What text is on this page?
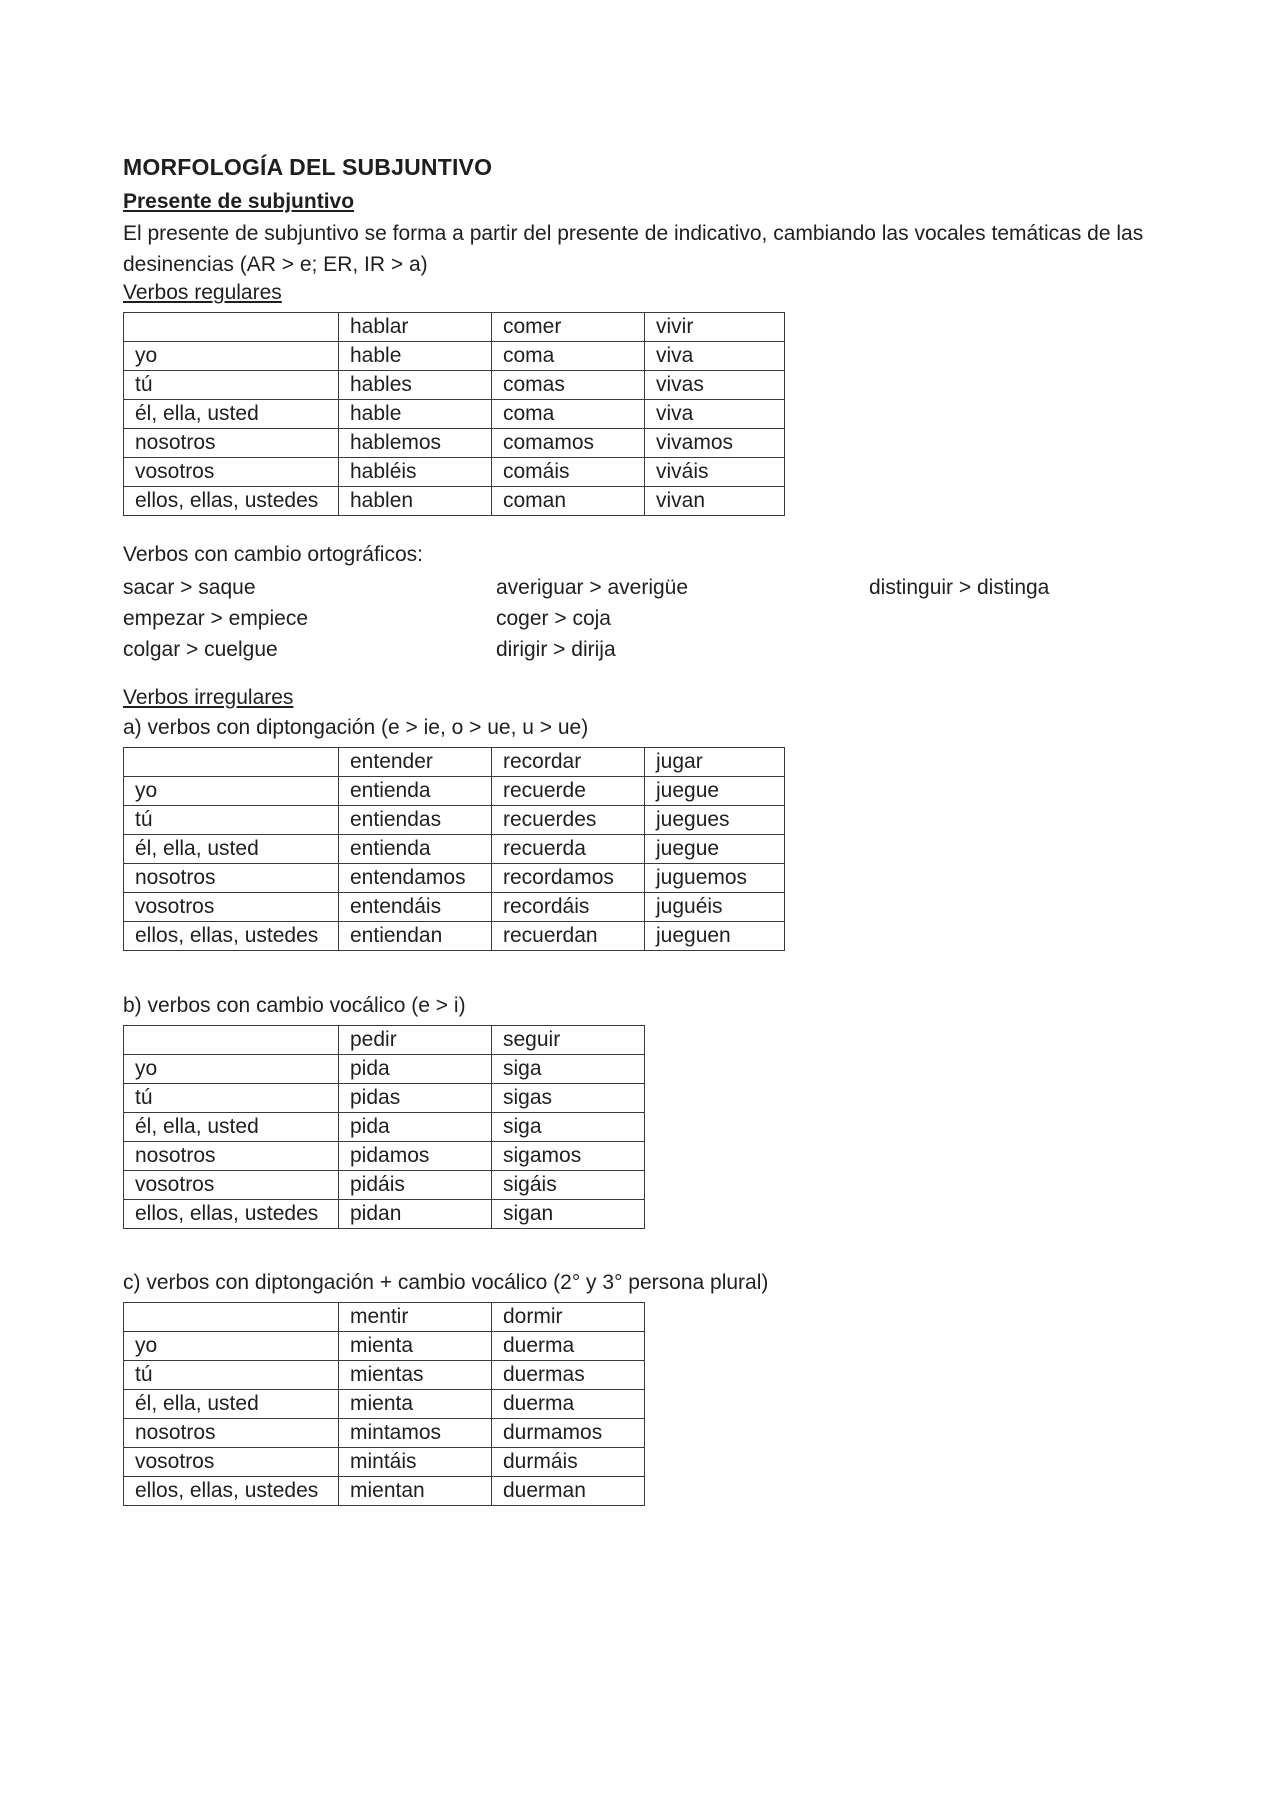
MORFOLOGÍA DEL SUBJUNTIVO
Presente de subjuntivo
El presente de subjuntivo se forma a partir del presente de indicativo, cambiando las vocales temáticas de las desinencias (AR > e; ER, IR > a)
Verbos regulares
	hablar	comer	vivir
yo	hable	coma	viva
tú	hables	comas	vivas
él, ella, usted	hable	coma	viva
nosotros	hablemos	comamos	vivamos
vosotros	habléis	comáis	viváis
ellos, ellas, ustedes	hablen	coman	vivan
Verbos con cambio ortográficos:
sacar > saque
empezar > empiece
colgar > cuelgue
averiguar > averigüe
coger > coja
dirigir > dirija
distinguir > distinga
Verbos irregulares
a) verbos con diptongación (e > ie, o > ue, u > ue)
	entender	recordar	jugar
yo	entienda	recuerde	juegue
tú	entiendas	recuerdes	juegues
él, ella, usted	entienda	recuerda	juegue
nosotros	entendamos	recordamos	juguemos
vosotros	entendáis	recordáis	juguéis
ellos, ellas, ustedes	entiendan	recuerdan	jueguen
b) verbos con cambio vocálico (e > i)
	pedir	seguir
yo	pida	siga
tú	pidas	sigas
él, ella, usted	pida	siga
nosotros	pidamos	sigamos
vosotros	pidáis	sigáis
ellos, ellas, ustedes	pidan	sigan
c) verbos con diptongación + cambio vocálico (2° y 3° persona plural)
	mentir	dormir
yo	mienta	duerma
tú	mientas	duermas
él, ella, usted	mienta	duerma
nosotros	mintamos	durmamos
vosotros	mintáis	durmáis
ellos, ellas, ustedes	mientan	duerman
